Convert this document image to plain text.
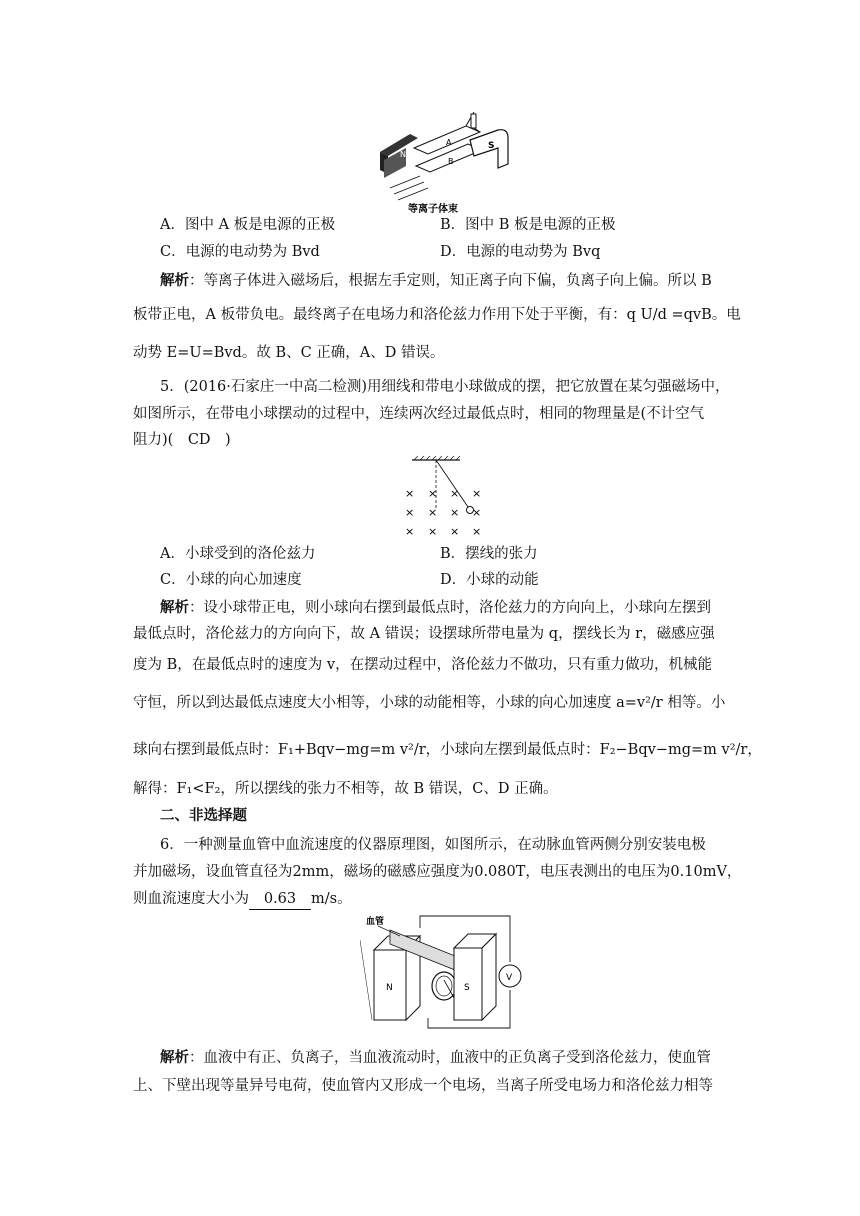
N
A
B
S
等离子体束
A．图中 A 板是电源的正极	B．图中 B 板是电源的正极
C．电源的电动势为 Bvd	D．电源的电动势为 Bvq
解析：等离子体进入磁场后，根据左手定则，知正离子向下偏，负离子向上偏。所以 B
板带正电，A 板带负电。最终离子在电场力和洛伦兹力作用下处于平衡，有：q U/d =qvB。电
动势 E=U=Bvd。故 B、C 正确，A、D 错误。
5．(2016·石家庄一中高二检测)用细线和带电小球做成的摆，把它放置在某匀强磁场中，
如图所示，在带电小球摆动的过程中，连续两次经过最低点时，相同的物理量是(不计空气
阻力)(　CD　)
× × × ×
× × × ×
× × × ×
A．小球受到的洛伦兹力	B．摆线的张力
C．小球的向心加速度	D．小球的动能
解析：设小球带正电，则小球向右摆到最低点时，洛伦兹力的方向向上，小球向左摆到
最低点时，洛伦兹力的方向向下，故 A 错误；设摆球所带电量为 q，摆线长为 r，磁感应强
度为 B，在最低点时的速度为 v，在摆动过程中，洛伦兹力不做功，只有重力做功，机械能
守恒，所以到达最低点速度大小相等，小球的动能相等，小球的向心加速度 a=v²/r 相等。小
球向右摆到最低点时：F₁+Bqv−mg=m v²/r，小球向左摆到最低点时：F₂−Bqv−mg=m v²/r，
解得：F₁<F₂，所以摆线的张力不相等，故 B 错误，C、D 正确。
二、非选择题
6．一种测量血管中血流速度的仪器原理图，如图所示，在动脉血管两侧分别安装电极
并加磁场，设血管直径为2mm，磁场的磁感应强度为0.080T，电压表测出的电压为0.10mV，
则血流速度大小为 0.63 m/s。
V
N	S
血管
解析：血液中有正、负离子，当血液流动时，血液中的正负离子受到洛伦兹力，使血管
上、下壁出现等量异号电荷，使血管内又形成一个电场，当离子所受电场力和洛伦兹力相等
